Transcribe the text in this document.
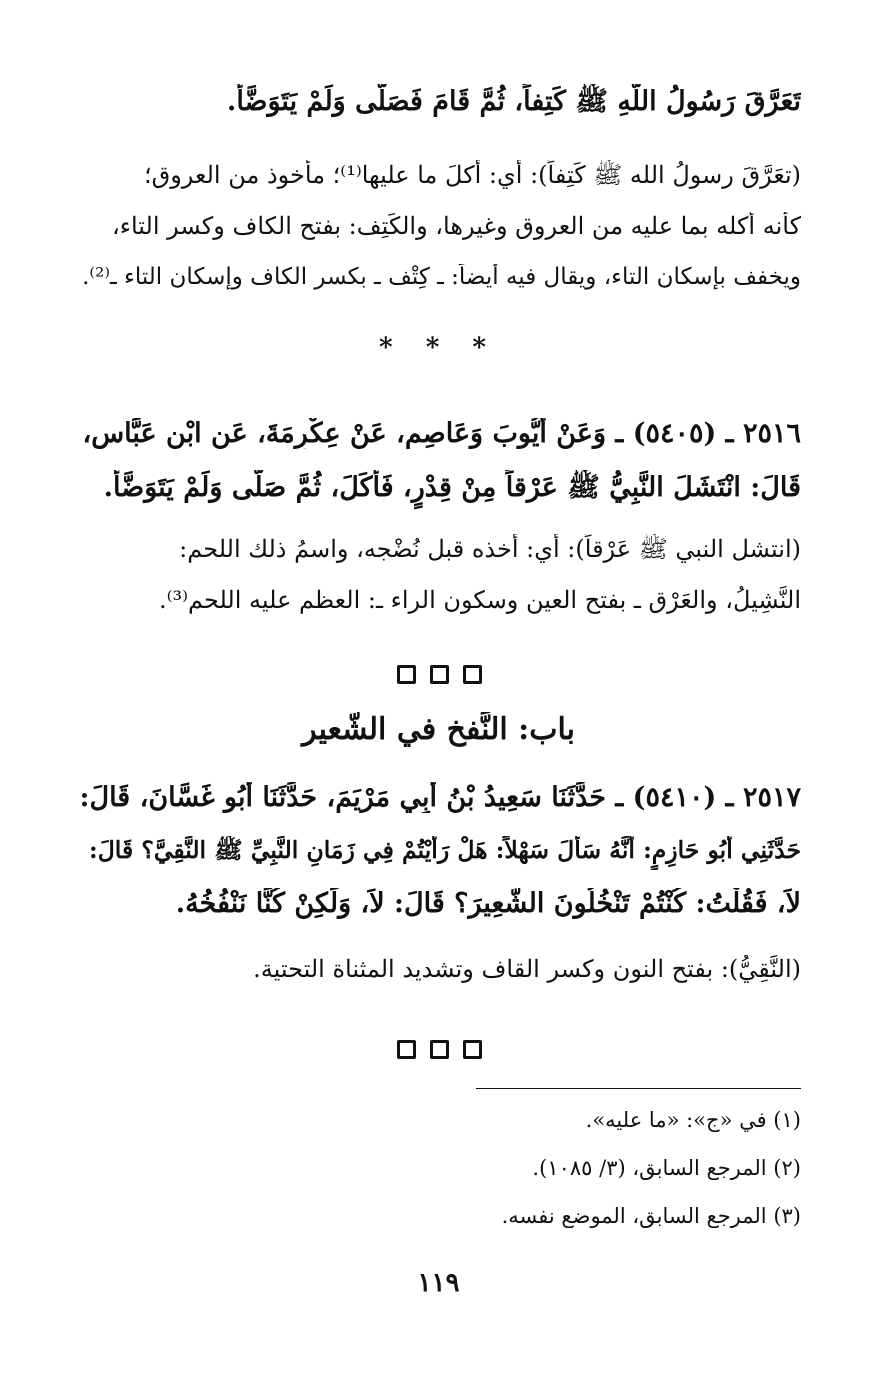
تَعَرَّقَ رَسُولُ اللَّهِ ﷺ كَتِفاً، ثُمَّ قَامَ فَصَلَّى وَلَمْ يَتَوَضَّأْ.
(تعَرَّقَ رسولُ الله ﷺ كَتِفاً): أي: أكلَ ما عليها⁽¹⁾؛ مأخوذ من العروق؛
كأنه أكله بما عليه من العروق وغيرها، والكَتِف: بفتح الكاف وكسر التاء،
ويخفف بإسكان التاء، ويقال فيه أيضاً: ـ كِتْف ـ بكسر الكاف وإسكان التاء ـ⁽²⁾.
* * *
٢٥١٦ ـ (٥٤٠٥) ـ وَعَنْ أَيُّوبَ وَعَاصِمٍ، عَنْ عِكْرِمَةَ، عَنِ ابْنِ عَبَّاسٍ،
قَالَ: انْتَشَلَ النَّبِيُّ ﷺ عَرْقاً مِنْ قِدْرٍ، فَأَكَلَ، ثُمَّ صَلَّى وَلَمْ يَتَوَضَّأْ.
(انتشل النبي ﷺ عَرْقاً): أي: أخذه قبل نُضْجه، واسمُ ذلك اللحم:
النَّشِيلُ، والعَرْق ـ بفتح العين وسكون الراء ـ: العظم عليه اللحم⁽³⁾.
باب: النَّفخ في الشَّعير
٢٥١٧ ـ (٥٤١٠) ـ حَدَّثَنَا سَعِيدُ بْنُ أَبِي مَرْيَمَ، حَدَّثَنَا أَبُو غَسَّانَ، قَالَ:
حَدَّثَنِي أَبُو حَازِمٍ: أَنَّهُ سَأَلَ سَهْلاً: هَلْ رَأَيْتُمْ فِي زَمَانِ النَّبِيِّ ﷺ النَّقِيَّ؟ قَالَ:
لاَ، فَقُلْتُ: كُنْتُمْ تَنْخُلُونَ الشَّعِيرَ؟ قَالَ: لاَ، وَلَكِنْ كُنَّا نَنْفُخُهُ.
(النَّقِيُّ): بفتح النون وكسر القاف وتشديد المثناة التحتية.
(١) في «ج»: «ما عليه».
(٢) المرجع السابق، (٣/ ١٠٨٥).
(٣) المرجع السابق، الموضع نفسه.
١١٩
